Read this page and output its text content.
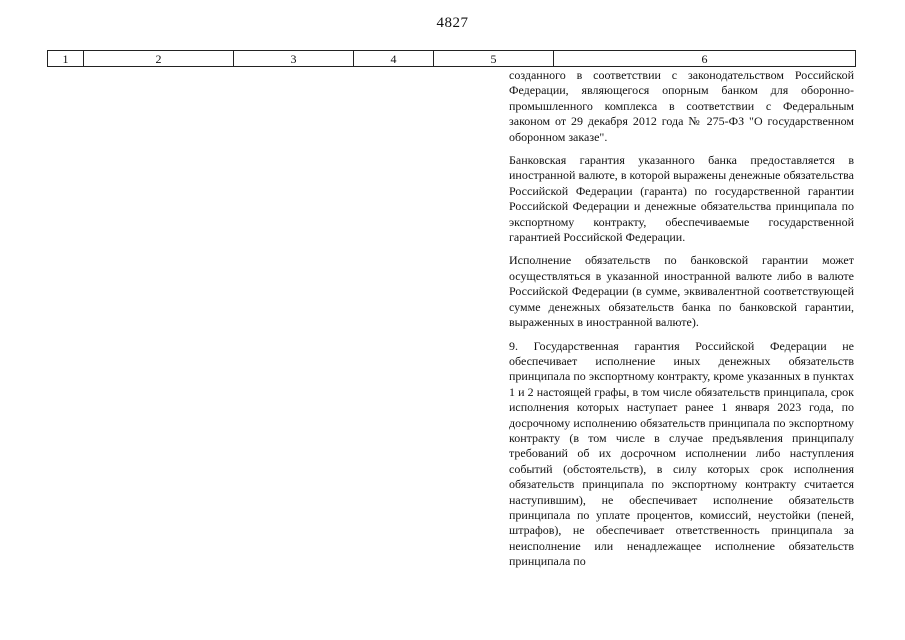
4827
1	2	3	4	5	6

созданного в соответствии с законодательством Российской Федерации, являющегося опорным банком для оборонно-промышленного комплекса в соответствии с Федеральным законом от 29 декабря 2012 года № 275-ФЗ "О государственном оборонном заказе".

Банковская гарантия указанного банка предоставляется в иностранной валюте, в которой выражены денежные обязательства Российской Федерации (гаранта) по государственной гарантии Российской Федерации и денежные обязательства принципала по экспортному контракту, обеспечиваемые государственной гарантией Российской Федерации.

Исполнение обязательств по банковской гарантии может осуществляться в указанной иностранной валюте либо в валюте Российской Федерации (в сумме, эквивалентной соответствующей сумме денежных обязательств банка по банковской гарантии, выраженных в иностранной валюте).

9. Государственная гарантия Российской Федерации не обеспечивает исполнение иных денежных обязательств принципала по экспортному контракту, кроме указанных в пунктах 1 и 2 настоящей графы, в том числе обязательств принципала, срок исполнения которых наступает ранее 1 января 2023 года, по досрочному исполнению обязательств принципала по экспортному контракту (в том числе в случае предъявления принципалу требований об их досрочном исполнении либо наступления событий (обстоятельств), в силу которых срок исполнения обязательств принципала по экспортному контракту считается наступившим), не обеспечивает исполнение обязательств принципала по уплате процентов, комиссий, неустойки (пеней, штрафов), не обеспечивает ответственность принципала за неисполнение или ненадлежащее исполнение обязательств принципала по
